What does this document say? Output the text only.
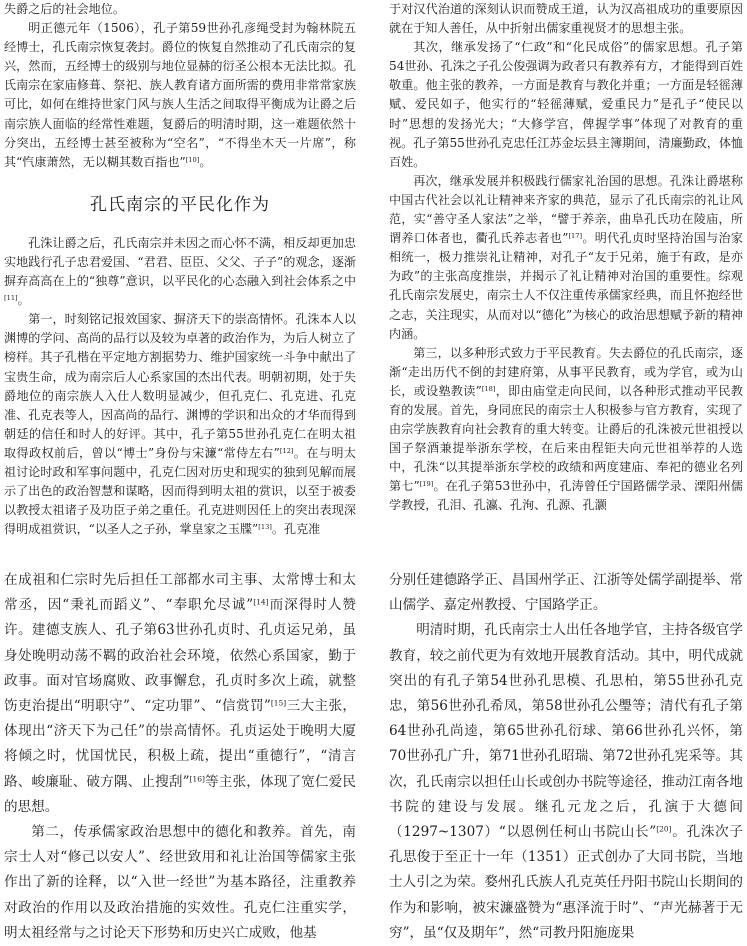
失爵之后的社会地位。

明正德元年（1506），孔子第59世孙孔彦绳受封为翰林院五经博士，孔氏南宗恢复袭封。爵位的恢复自然推动了孔氏南宗的复兴，然而，五经博士的级别与地位显赫的衍圣公根本无法比拟。孔氏南宗在家庙修葺、祭祀、族人教育诸方面所需的费用非常常家族可比，如何在维持世家门风与族人生活之间取得平衡成为让爵之后南宗族人面临的经常性难题，复爵后的明清时期，这一难题依然十分突出，五经博士甚至被称为“空名”，“不得坐木天一片席”，称其“忾康萧然，无以糊其数百指也”[10]。

孔氏南宗的平民化作为

孔洙让爵之后，孔氏南宗并未因之而心怀不满，相反却更加忠实地践行孔子忠君爱国、“君君、臣臣、父父、子子”的观念，逐渐摒弃高高在上的“独尊”意识，以平民化的心态融入到社会体系之中[11]。

第一，时刻铭记报效国家、摒济天下的崇高情怀。孔洙本人以渊博的学问、高尚的品行以及较为卓著的政治作为，为后人树立了榜样。其子孔楷在平定地方割据势力、维护国家统一斗争中献出了宝贵生命，成为南宗后人心系家国的杰出代表。明朝初期，处于失爵地位的南宗族人入仕人数明显减少，但孔克仁、孔克进、孔克准、孔克表等人，因高尚的品行、渊博的学识和出众的才华而得到朝廷的信任和时人的好评。其中，孔子第55世孙孔克仁在明太祖取得政权前后，曾以“博士”身份与宋濂“常侍左右”[12]。在与明太祖讨论时政和军事问题中，孔克仁因对历史和现实的独到见解而展示了出色的政治智慧和谋略，因而得到明太祖的赏识，以至于被委以教授太祖诸子及功臣子弟之重任。孔克进则因任上的突出表现深得明成祖赏识，“以圣人之子孙，掌皇家之玉牒”[13]。孔克准

于对汉代治道的深刻认识而赞成王道，认为汉高祖成功的重要原因就在于知人善任，从中折射出儒家重视贤才的思想主张。

其次，继承发扬了“仁政”和“化民成俗”的儒家思想。孔子第54世孙、孔洙之子孔公俊强调为政者只有教养有方，才能得到百姓敬重。他主张的教养，一方面是教育与教化并重；一方面是轻徭薄赋、爱民如子，他实行的“轻徭薄赋，爱重民力”是孔子“使民以时”思想的发扬光大；“大修学宫，俾握学事”体现了对教育的重视。孔子第55世孙孔克忠任江苏金坛县主簿期间，清廉勤政，体恤百姓。

再次，继承发展并积极践行儒家礼治国的思想。孔洙让爵堪称中国古代社会以礼让精神来齐家的典范，显示了孔氏南宗的礼让风范，实“善守圣人家法”之举，“譬于养亲，曲阜孔氏功在陵庙，所谓养口体者也，衢孔氏养志者也”[17]。明代孔贞时坚持治国与治家相统一，极力推崇礼让精神，对孔子“友于兄弟，施于有政，是亦为政”的主张高度推崇，并揭示了礼让精神对治国的重要性。综观孔氏南宗发展史，南宗士人不仅注重传承儒家经典，而且怀抱经世之志，关注现实，从而对以“德化”为核心的政治思想赋予新的精神内涵。

第三，以多种形式致力于平民教育。失去爵位的孔氏南宗，逐渐“走出历代不倒的封建府第，从事平民教育，或为学官，或为山长，或设塾教读”[18]，即由庙堂走向民间，以各种形式推动平民教育的发展。首先，身同庶民的南宗士人积极参与官方教育，实现了由宗学族教育向社会教育的重大转变。让爵后的孔洙被元世祖授以国子祭酒兼提举浙东学校，在后来由程钜夫向元世祖举荐的人选中，孔洙“以其提举浙东学校的政绩和两度建庙、奉祀的德业名列第七”[19]。在孔子第53世孙中，孔涛曾任宁国路儒学录、溧阳州儒学教授，孔泪、孔瀛、孔洵、孔源、孔灏

在成祖和仁宗时先后担任工部都水司主事、太常博士和太常丞，因“秉礼而蹈义”、“奉职允尽诚”[14]而深得时人赞许。建德支族人、孔子第63世孙孔贞时、孔贞运兄弟，虽身处晚明动荡不羁的政治社会环境，依然心系国家，勤于政事。面对官场腐败、政事懈怠，孔贞时多次上疏，就整饬吏治提出“明职守”、“定功罪”、“信赏罚”[15]三大主张，体现出“济天下为己任”的崇高情怀。孔贞运处于晚明大厦将倾之时，忧国忧民，积极上疏，提出“重德行”，“清言路、峻廉耻、破方隅、止搜刮”[16]等主张，体现了宽仁爱民的思想。

第二，传承儒家政治思想中的德化和教养。首先，南宗士人对“修己以安人”、经世致用和礼让治国等儒家主张作出了新的诠释，以“入世一经世”为基本路径，注重教养对政治的作用以及政治措施的实效性。孔克仁注重实学，明太祖经常与之讨论天下形势和历史兴亡成败，他基

分别任建德路学正、昌国州学正、江浙等处儒学副提举、常山儒学、嘉定州教授、宁国路学正。

明清时期，孔氏南宗士人出任各地学官，主持各级官学教育，较之前代更为有效地开展教育活动。其中，明代成就突出的有孔子第54世孙孔思模、孔思柏，第55世孙孔克忠，第56世孙孔希凤，第58世孙孔公璺等；清代有孔子第64世孙孔尚逵，第65世孙孔衍球、第66世孙孔兴怀，第70世孙孔广升，第71世孙孔昭瑞、第72世孙孔宪采等。其次，孔氏南宗以担任山长或创办书院等途径，推动江南各地书院的建设与发展。继孔元龙之后，孔演于大德间（1297~1307）“以恩例任柯山书院山长”[20]。孔洙次子孔思俊于至正十一年（1351）正式创办了大同书院，当地士人引之为荣。婺州孔氏族人孔克英任丹阳书院山长期间的作为和影响，被宋濂盛赞为“惠泽流于时”、“声光赫著于无穷”，虽“仅及期年”，然“司教丹阳施庞果
